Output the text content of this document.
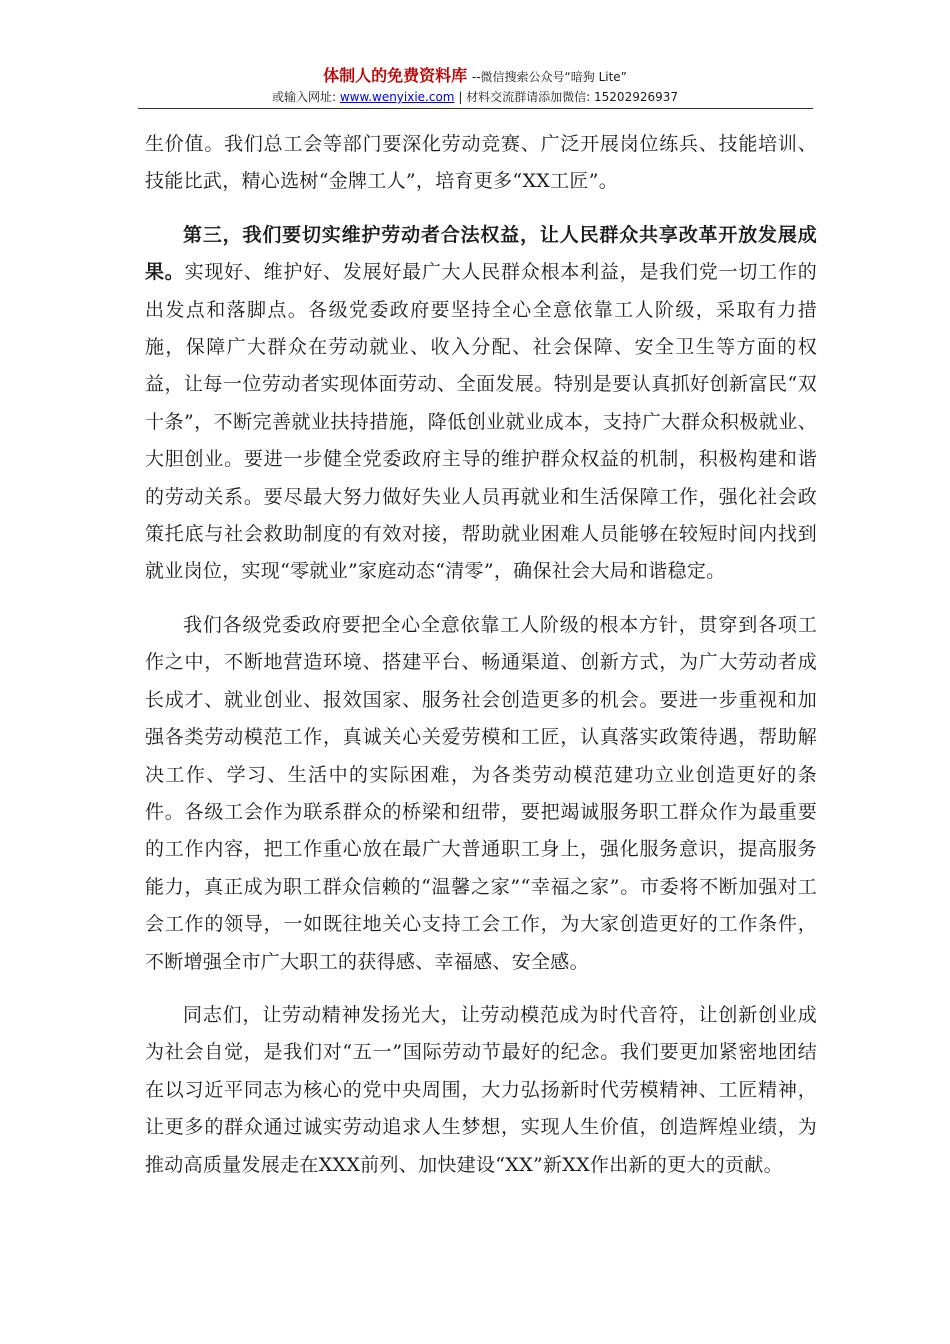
体制人的免费资料库 --微信搜索公众号“暗狗 Lite”
或输入网址: www.wenyixie.com | 材料交流群请添加微信: 15202926937

生价值。我们总工会等部门要深化劳动竞赛、广泛开展岗位练兵、技能培训、技能比武，精心选树“金牌工人”，培育更多“XX工匠”。

第三，我们要切实维护劳动者合法权益，让人民群众共享改革开放发展成果。实现好、维护好、发展好最广大人民群众根本利益，是我们党一切工作的出发点和落脚点。各级党委政府要坚持全心全意依靠工人阶级，采取有力措施，保障广大群众在劳动就业、收入分配、社会保障、安全卫生等方面的权益，让每一位劳动者实现体面劳动、全面发展。特别是要认真抓好创新富民“双十条”，不断完善就业扶持措施，降低创业就业成本，支持广大群众积极就业、大胆创业。要进一步健全党委政府主导的维护群众权益的机制，积极构建和谐的劳动关系。要尽最大努力做好失业人员再就业和生活保障工作，强化社会政策托底与社会救助制度的有效对接，帮助就业困难人员能够在较短时间内找到就业岗位，实现“零就业”家庭动态“清零”，确保社会大局和谐稳定。

我们各级党委政府要把全心全意依靠工人阶级的根本方针，贯穿到各项工作之中，不断地营造环境、搭建平台、畅通渠道、创新方式，为广大劳动者成长成才、就业创业、报效国家、服务社会创造更多的机会。要进一步重视和加强各类劳动模范工作，真诚关心关爱劳模和工匠，认真落实政策待遇，帮助解决工作、学习、生活中的实际困难，为各类劳动模范建功立业创造更好的条件。各级工会作为联系群众的桥梁和纽带，要把竭诚服务职工群众作为最重要的工作内容，把工作重心放在最广大普通职工身上，强化服务意识，提高服务能力，真正成为职工群众信赖的“温馨之家”“幸福之家”。市委将不断加强对工会工作的领导，一如既往地关心支持工会工作，为大家创造更好的工作条件，不断增强全市广大职工的获得感、幸福感、安全感。

同志们，让劳动精神发扬光大，让劳动模范成为时代音符，让创新创业成为社会自觉，是我们对“五一”国际劳动节最好的纪念。我们要更加紧密地团结在以习近平同志为核心的党中央周围，大力弘扬新时代劳模精神、工匠精神，让更多的群众通过诚实劳动追求人生梦想，实现人生价值，创造辉煌业绩，为推动高质量发展走在XXX前列、加快建设“XX”新XX作出新的更大的贡献。
